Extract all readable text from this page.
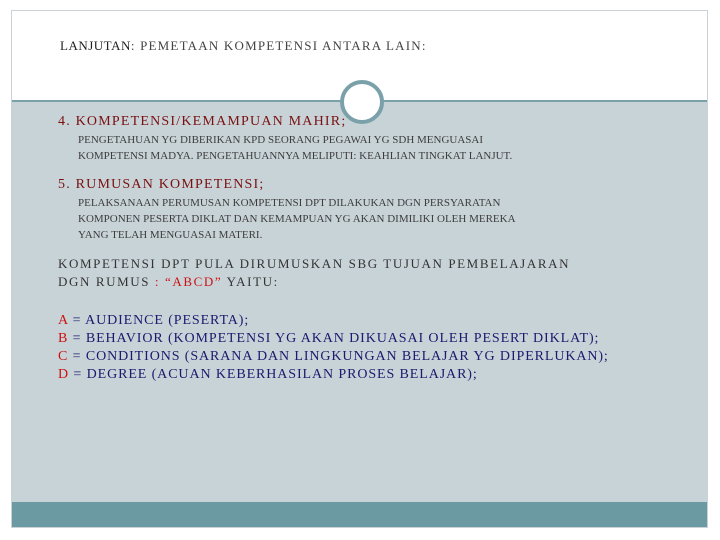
LANJUTAN: PEMETAAN KOMPETENSI ANTARA LAIN:
4. KOMPETENSI/KEMAMPUAN MAHIR;
PENGETAHUAN YG DIBERIKAN KPD SEORANG PEGAWAI YG SDH MENGUASAI
KOMPETENSI MADYA. PENGETAHUANNYA MELIPUTI: KEAHLIAN TINGKAT LANJUT.
5. RUMUSAN KOMPETENSI;
PELAKSANAAN PERUMUSAN KOMPETENSI DPT DILAKUKAN DGN PERSYARATAN
KOMPONEN PESERTA DIKLAT DAN KEMAMPUAN YG AKAN DIMILIKI OLEH MEREKA
YANG TELAH MENGUASAI MATERI.
KOMPETENSI DPT PULA DIRUMUSKAN SBG TUJUAN PEMBELAJARAN
DGN RUMUS : “ABCD” YAITU:
A = AUDIENCE (PESERTA);
B = BEHAVIOR (KOMPETENSI YG AKAN DIKUASAI OLEH PESERT DIKLAT);
C = CONDITIONS (SARANA DAN LINGKUNGAN BELAJAR YG DIPERLUKAN);
D = DEGREE (ACUAN KEBERHASILAN PROSES BELAJAR);
